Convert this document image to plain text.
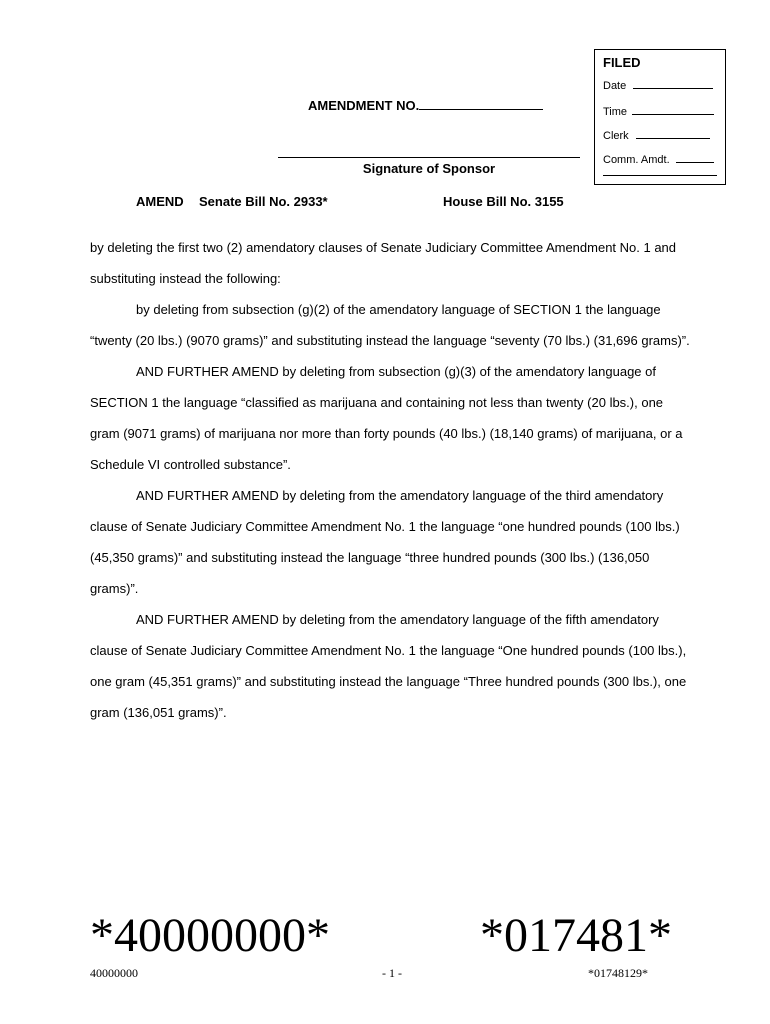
FILED
Date
Time
Clerk
Comm. Amdt.
AMENDMENT NO.
Signature of Sponsor
AMEND Senate Bill No. 2933*	House Bill No. 3155

by deleting the first two (2) amendatory clauses of Senate Judiciary Committee Amendment No. 1 and substituting instead the following:

by deleting from subsection (g)(2) of the amendatory language of SECTION 1 the language “twenty (20 lbs.) (9070 grams)” and substituting instead the language “seventy (70 lbs.) (31,696 grams)”.

AND FURTHER AMEND by deleting from subsection (g)(3) of the amendatory language of SECTION 1 the language “classified as marijuana and containing not less than twenty (20 lbs.), one gram (9071 grams) of marijuana nor more than forty pounds (40 lbs.) (18,140 grams) of marijuana, or a Schedule VI controlled substance”.

AND FURTHER AMEND by deleting from the amendatory language of the third amendatory clause of Senate Judiciary Committee Amendment No. 1 the language “one hundred pounds (100 lbs.) (45,350 grams)” and substituting instead the language “three hundred pounds (300 lbs.) (136,050 grams)”.

AND FURTHER AMEND by deleting from the amendatory language of the fifth amendatory clause of Senate Judiciary Committee Amendment No. 1 the language “One hundred pounds (100 lbs.), one gram (45,351 grams)” and substituting instead the language “Three hundred pounds (300 lbs.), one gram (136,051 grams)”.

*40000000*	*017481*
40000000	- 1 -	*01748129*
